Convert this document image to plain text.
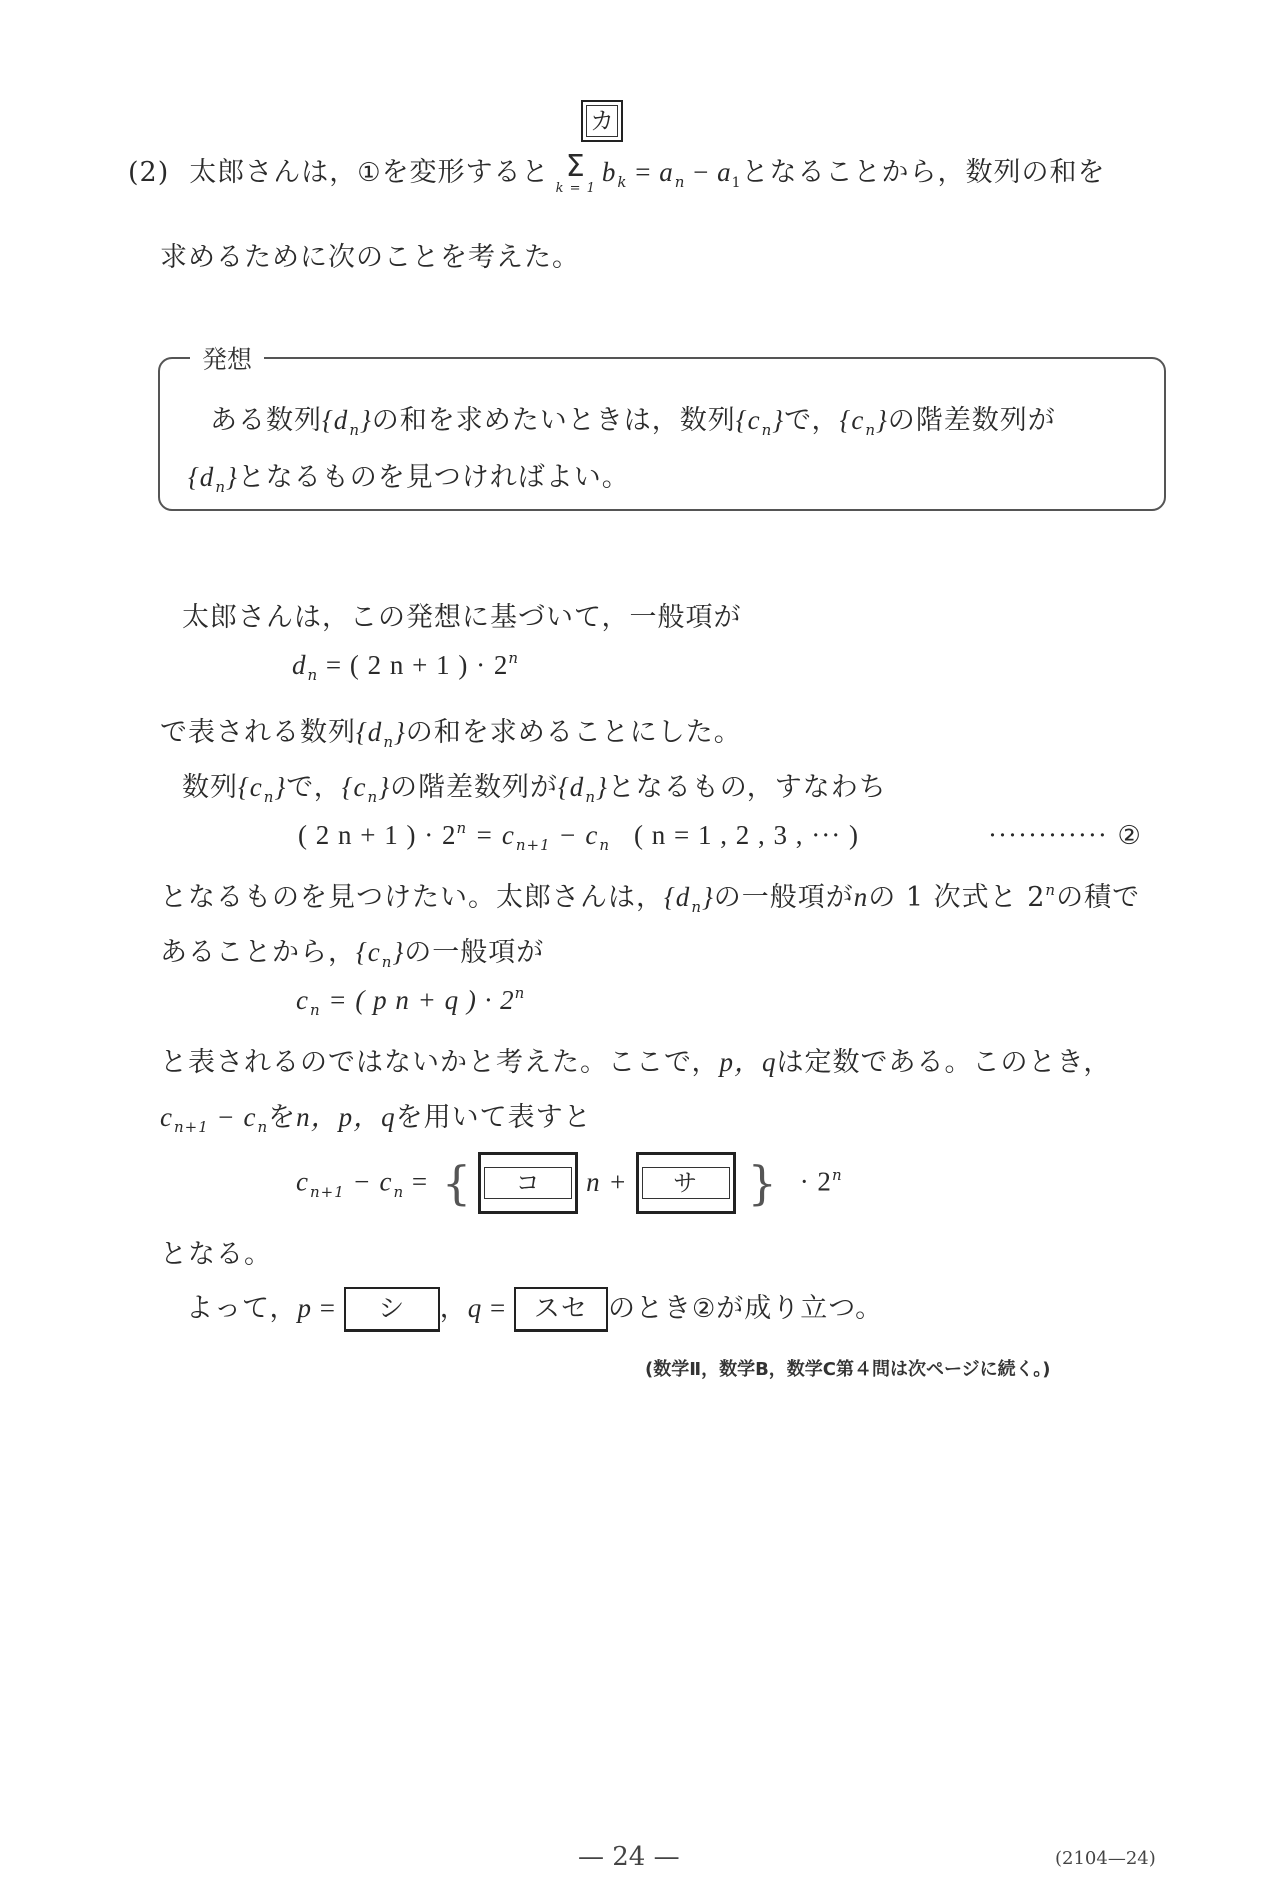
カ
(2) 太郎さんは，①を変形すると Σ
k = 1
$b_k = a_n - a_1$となることから，数列の和を
求めるために次のことを考えた。
発想
ある数列$\{d_n\}$の和を求めたいときは，数列$\{c_n\}$で，$\{c_n\}$の階差数列が
$\{d_n\}$となるものを見つければよい。
太郎さんは，この発想に基づいて，一般項が
$d_n$ = ( 2 n + 1 ) · $2^n$
で表される数列$\{d_n\}$の和を求めることにした。
数列$\{c_n\}$で，$\{c_n\}$の階差数列が$\{d_n\}$となるもの，すなわち
( 2 n + 1 ) · $2^n = c_{n+1} - c_n$ ( n = 1 , 2 , 3 , ··· )	············ ②
となるものを見つけたい。太郎さんは，$\{d_n\}$の一般項がnの 1 次式と 2$^n$の積で
あることから，$\{c_n\}$の一般項が
$c_n$ = ( p n + q ) · $2^n$
と表されるのではないかと考えた。ここで，p，qは定数である。このとき，
$c_{n+1} - c_n$をn，p，qを用いて表すと
$c_{n+1} - c_n$ = { コ n + サ } · $2^n$
となる。
よって，p = シ ，q = スセ のとき②が成り立つ。
(数学Ⅱ，数学B，数学C第４問は次ページに続く。)
— 24 —	(2104—24)
